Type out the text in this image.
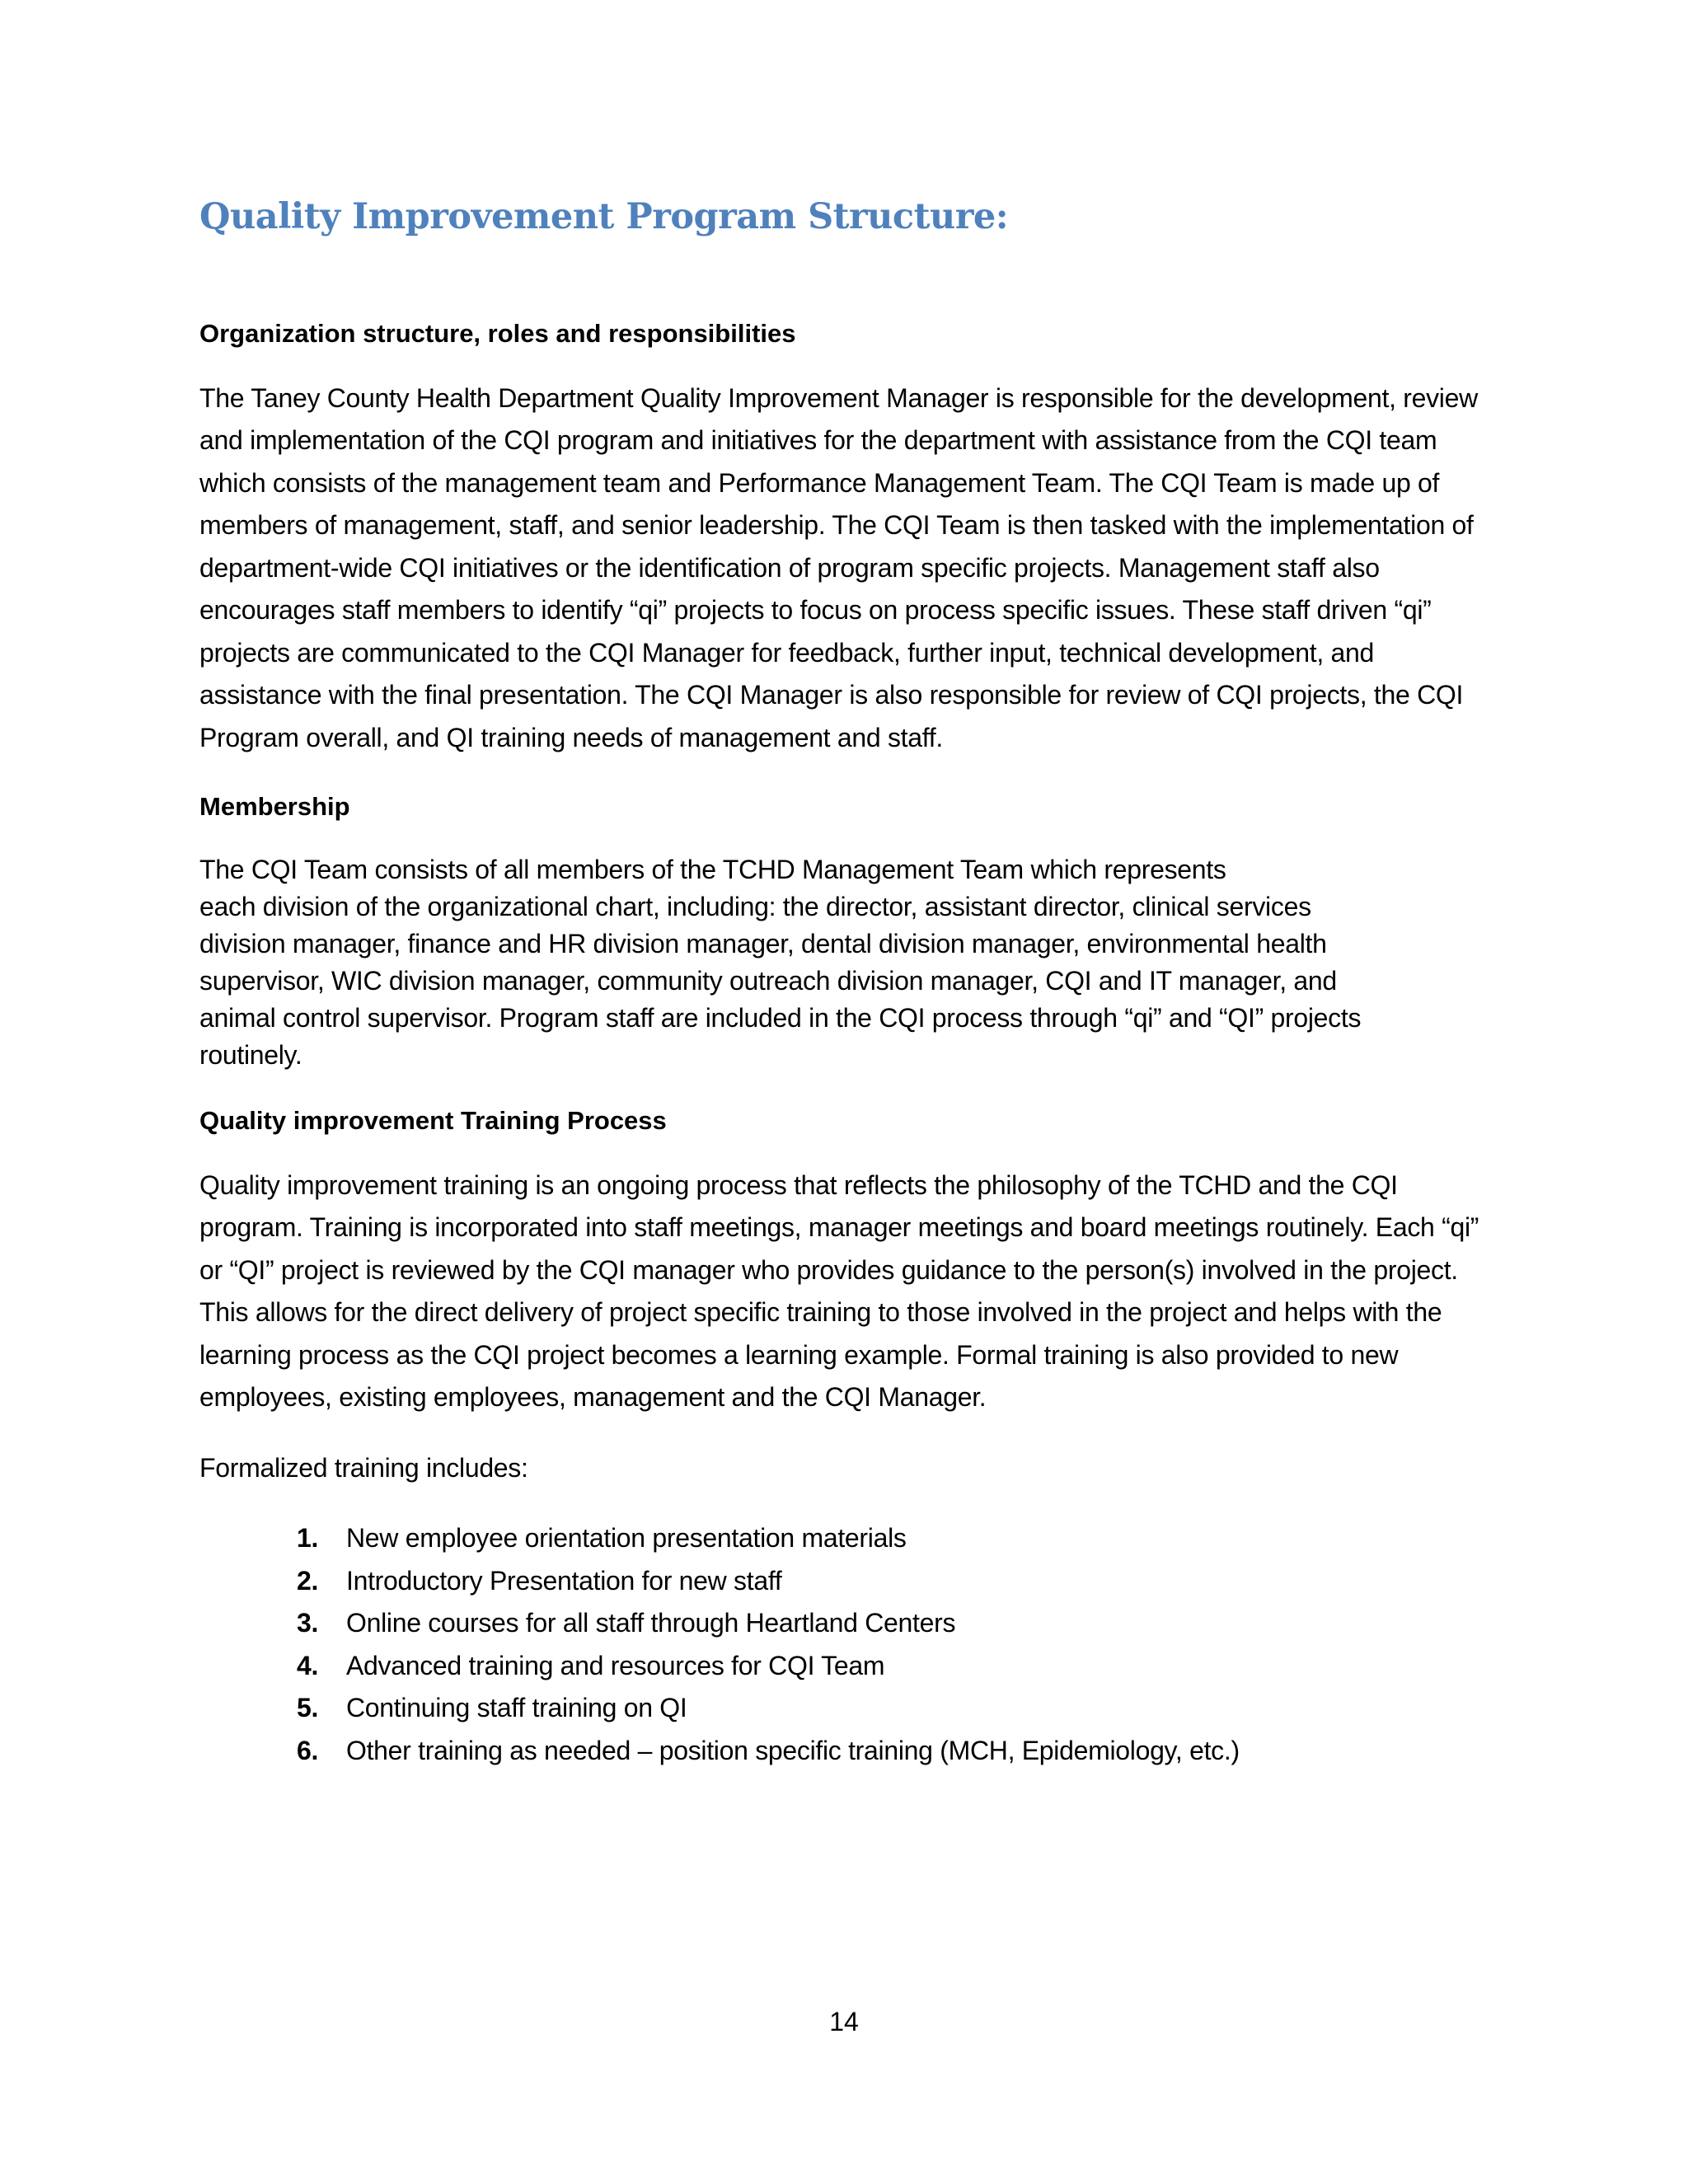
Quality Improvement Program Structure:
Organization structure, roles and responsibilities

The Taney County Health Department Quality Improvement Manager is responsible for the development, review and implementation of the CQI program and initiatives for the department with assistance from the CQI team which consists of the management team and Performance Management Team. The CQI Team is made up of members of management, staff, and senior leadership. The CQI Team is then tasked with the implementation of department-wide CQI initiatives or the identification of program specific projects. Management staff also encourages staff members to identify “qi” projects to focus on process specific issues. These staff driven “qi” projects are communicated to the CQI Manager for feedback, further input, technical development, and assistance with the final presentation. The CQI Manager is also responsible for review of CQI projects, the CQI Program overall, and QI training needs of management and staff.

Membership
The CQI Team consists of all members of the TCHD Management Team which represents
each division of the organizational chart, including: the director, assistant director, clinical services
division manager, finance and HR division manager, dental division manager, environmental health
supervisor, WIC division manager, community outreach division manager, CQI and IT manager, and
animal control supervisor. Program staff are included in the CQI process through “qi” and “QI” projects
routinely.
Quality improvement Training Process

Quality improvement training is an ongoing process that reflects the philosophy of the TCHD and the CQI program. Training is incorporated into staff meetings, manager meetings and board meetings routinely. Each “qi” or “QI” project is reviewed by the CQI manager who provides guidance to the person(s) involved in the project. This allows for the direct delivery of project specific training to those involved in the project and helps with the learning process as the CQI project becomes a learning example. Formal training is also provided to new employees, existing employees, management and the CQI Manager.

Formalized training includes:

1.	New employee orientation presentation materials
2.	Introductory Presentation for new staff
3.	Online courses for all staff through Heartland Centers
4.	Advanced training and resources for CQI Team
5.	Continuing staff training on QI
6.	Other training as needed – position specific training (MCH, Epidemiology, etc.)
14
